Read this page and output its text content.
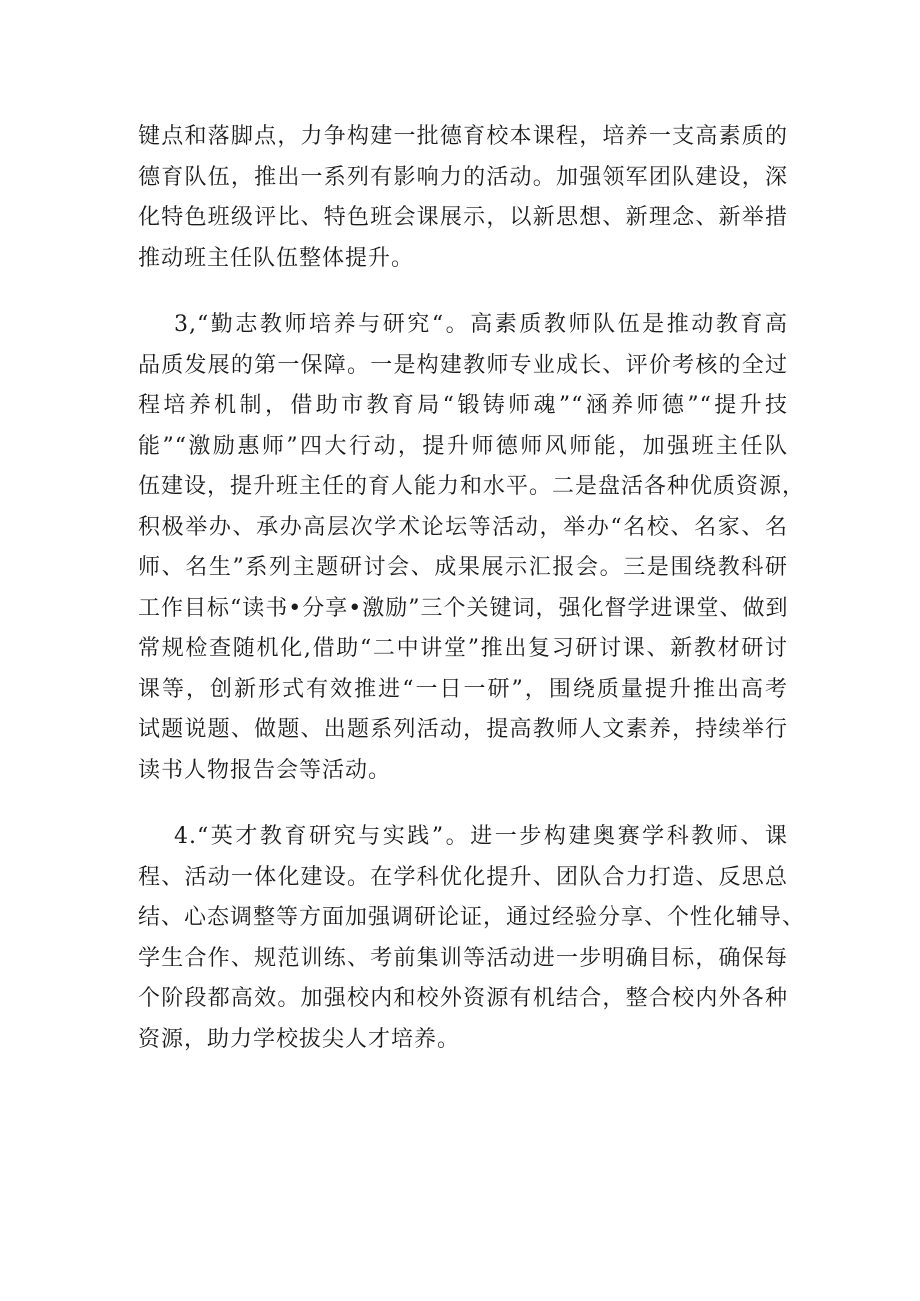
键点和落脚点，力争构建一批德育校本课程，培养一支高素质的
德育队伍，推出一系列有影响力的活动。加强领军团队建设，深
化特色班级评比、特色班会课展示，以新思想、新理念、新举措
推动班主任队伍整体提升。
3,“勤志教师培养与研究“。高素质教师队伍是推动教育高
品质发展的第一保障。一是构建教师专业成长、评价考核的全过
程培养机制，借助市教育局“锻铸师魂”“涵养师德”“提升技
能”“激励惠师”四大行动，提升师德师风师能，加强班主任队
伍建设，提升班主任的育人能力和水平。二是盘活各种优质资源，
积极举办、承办高层次学术论坛等活动，举办“名校、名家、名
师、名生”系列主题研讨会、成果展示汇报会。三是围绕教科研
工作目标“读书•分享•激励”三个关键词，强化督学进课堂、做到
常规检查随机化,借助“二中讲堂”推出复习研讨课、新教材研讨
课等，创新形式有效推进“一日一研”，围绕质量提升推出高考
试题说题、做题、出题系列活动，提高教师人文素养，持续举行
读书人物报告会等活动。
4.“英才教育研究与实践”。进一步构建奥赛学科教师、课
程、活动一体化建设。在学科优化提升、团队合力打造、反思总
结、心态调整等方面加强调研论证，通过经验分享、个性化辅导、
学生合作、规范训练、考前集训等活动进一步明确目标，确保每
个阶段都高效。加强校内和校外资源有机结合，整合校内外各种
资源，助力学校拔尖人才培养。
